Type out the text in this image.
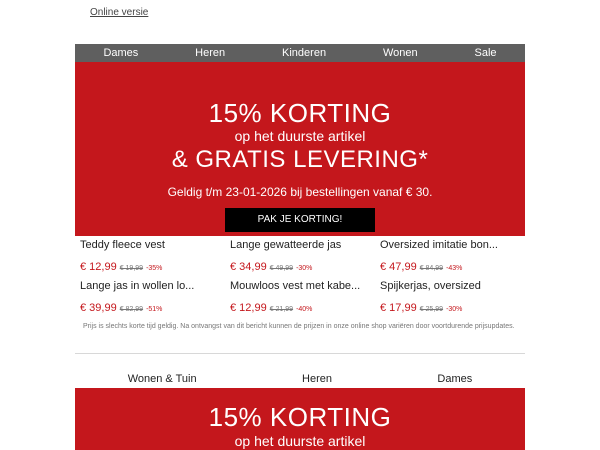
Online versie
Dames	Heren	Kinderen	Wonen	Sale
15% KORTING
op het duurste artikel
& GRATIS LEVERING*
Geldig t/m 23-01-2026 bij bestellingen vanaf € 30.
PAK JE KORTING!
Teddy fleece vest
€ 12,99 € 19,99 -35%
Lange gewatteerde jas
€ 34,99 € 49,99 -30%
Oversized imitatie bon...
€ 47,99 € 84,99 -43%
Lange jas in wollen lo...
€ 39,99 € 82,99 -51%
Mouwloos vest met kabe...
€ 12,99 € 21,99 -40%
Spijkerjas, oversized
€ 17,99 € 25,99 -30%
Prijs is slechts korte tijd geldig. Na ontvangst van dit bericht kunnen de prijzen in onze online shop variëren door voortdurende prijsupdates.
Wonen & Tuin	Heren	Dames
15% KORTING
op het duurste artikel
